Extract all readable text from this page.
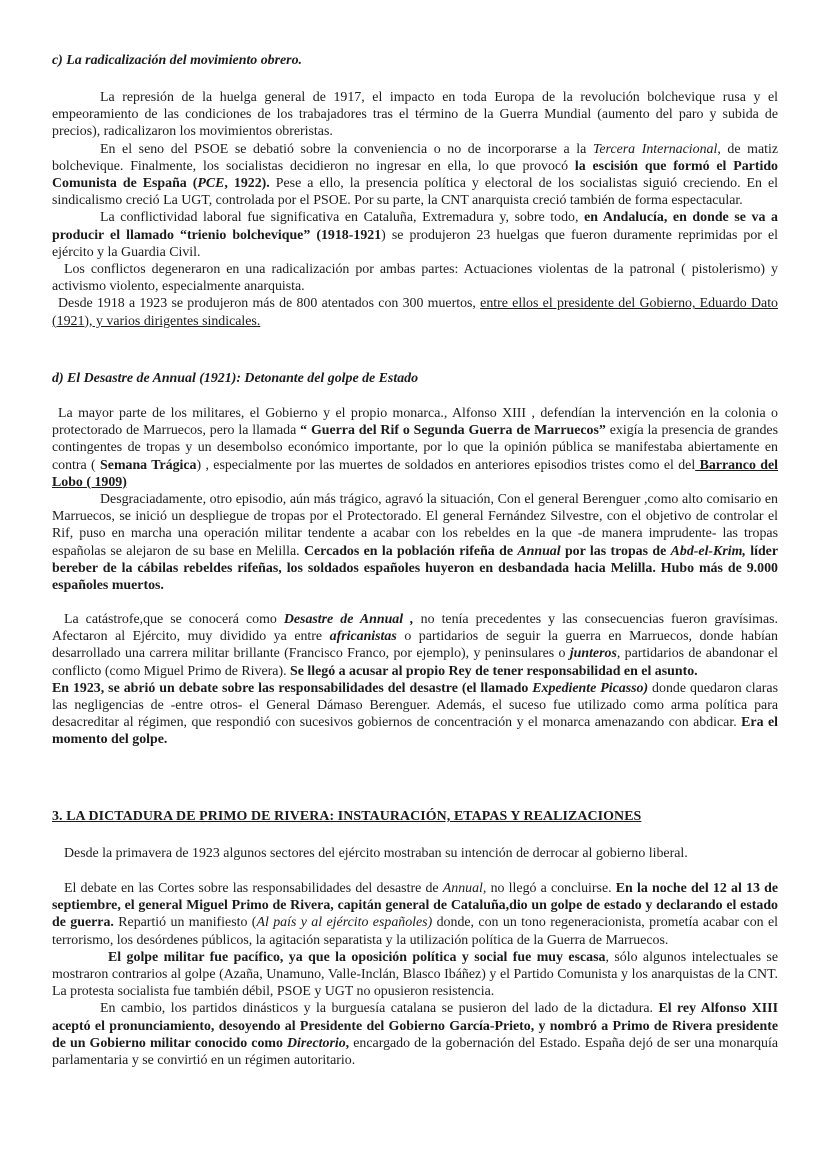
c) La radicalización del movimiento obrero.

La represión de la huelga general de 1917, el impacto en toda Europa de la revolución bolchevique rusa y el empeoramiento de las condiciones de los trabajadores tras el término de la Guerra Mundial (aumento del paro y subida de precios), radicalizaron los movimientos obreristas.

En el seno del PSOE se debatió sobre la conveniencia o no de incorporarse a la Tercera Internacional, de matiz bolchevique. Finalmente, los socialistas decidieron no ingresar en ella, lo que provocó la escisión que formó el Partido Comunista de España (PCE, 1922). Pese a ello, la presencia política y electoral de los socialistas siguió creciendo. En el sindicalismo creció La UGT, controlada por el PSOE. Por su parte, la CNT anarquista creció también de forma espectacular.

La conflictividad laboral fue significativa en Cataluña, Extremadura y, sobre todo, en Andalucía, en donde se va a producir el llamado “trienio bolchevique” (1918-1921) se produjeron 23 huelgas que fueron duramente reprimidas por el ejército y la Guardia Civil.

Los conflictos degeneraron en una radicalización por ambas partes: Actuaciones violentas de la patronal ( pistolerismo) y activismo violento, especialmente anarquista.

Desde 1918 a 1923 se produjeron más de 800 atentados con 300 muertos, entre ellos el presidente del Gobierno, Eduardo Dato (1921), y varios dirigentes sindicales.

d) El Desastre de Annual (1921): Detonante del golpe de Estado

La mayor parte de los militares, el Gobierno y el propio monarca., Alfonso XIII , defendían la intervención en la colonia o protectorado de Marruecos, pero la llamada “ Guerra del Rif o Segunda Guerra de Marruecos” exigía la presencia de grandes contingentes de tropas y un desembolso económico importante, por lo que la opinión pública se manifestaba abiertamente en contra ( Semana Trágica) , especialmente por las muertes de soldados en anteriores episodios tristes como el del Barranco del Lobo ( 1909)

Desgraciadamente, otro episodio, aún más trágico, agravó la situación, Con el general Berenguer ,como alto comisario en Marruecos, se inició un despliegue de tropas por el Protectorado. El general Fernández Silvestre, con el objetivo de controlar el Rif, puso en marcha una operación militar tendente a acabar con los rebeldes en la que -de manera imprudente- las tropas españolas se alejaron de su base en Melilla. Cercados en la población rifeña de Annual por las tropas de Abd-el-Krim, líder bereber de la cábilas rebeldes rifeñas, los soldados españoles huyeron en desbandada hacia Melilla. Hubo más de 9.000 españoles muertos.

La catástrofe,que se conocerá como Desastre de Annual , no tenía precedentes y las consecuencias fueron gravísimas. Afectaron al Ejército, muy dividido ya entre africanistas o partidarios de seguir la guerra en Marruecos, donde habían desarrollado una carrera militar brillante (Francisco Franco, por ejemplo), y peninsulares o junteros, partidarios de abandonar el conflicto (como Miguel Primo de Rivera). Se llegó a acusar al propio Rey de tener responsabilidad en el asunto.

En 1923, se abrió un debate sobre las responsabilidades del desastre (el llamado Expediente Picasso) donde quedaron claras las negligencias de -entre otros- el General Dámaso Berenguer. Además, el suceso fue utilizado como arma política para desacreditar al régimen, que respondió con sucesivos gobiernos de concentración y el monarca amenazando con abdicar. Era el momento del golpe.

3. LA DICTADURA DE PRIMO DE RIVERA: INSTAURACIÓN, ETAPAS Y REALIZACIONES

Desde la primavera de 1923 algunos sectores del ejército mostraban su intención de derrocar al gobierno liberal.

El debate en las Cortes sobre las responsabilidades del desastre de Annual, no llegó a concluirse. En la noche del 12 al 13 de septiembre, el general Miguel Primo de Rivera, capitán general de Cataluña,dio un golpe de estado y declarando el estado de guerra. Repartió un manifiesto (Al país y al ejército españoles) donde, con un tono regeneracionista, prometía acabar con el terrorismo, los desórdenes públicos, la agitación separatista y la utilización política de la Guerra de Marruecos.

El golpe militar fue pacífico, ya que la oposición política y social fue muy escasa, sólo algunos intelectuales se mostraron contrarios al golpe (Azaña, Unamuno, Valle-Inclán, Blasco Ibáñez) y el Partido Comunista y los anarquistas de la CNT. La protesta socialista fue también débil, PSOE y UGT no opusieron resistencia.

En cambio, los partidos dinásticos y la burguesía catalana se pusieron del lado de la dictadura. El rey Alfonso XIII aceptó el pronunciamiento, desoyendo al Presidente del Gobierno García-Prieto, y nombró a Primo de Rivera presidente de un Gobierno militar conocido como Directorio, encargado de la gobernación del Estado. España dejó de ser una monarquía parlamentaria y se convirtió en un régimen autoritario.
